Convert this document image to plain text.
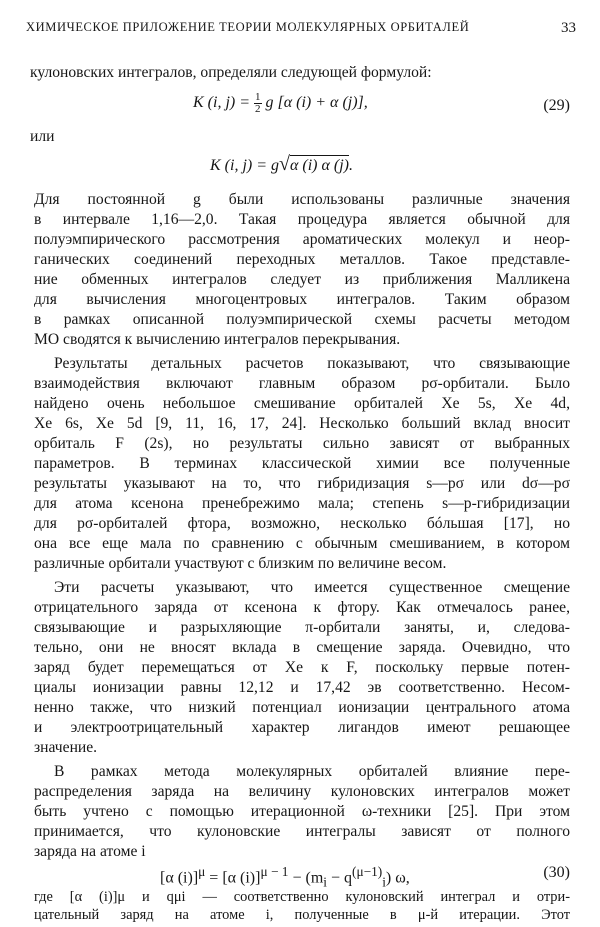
ХИМИЧЕСКОЕ ПРИЛОЖЕНИЕ ТЕОРИИ МОЛЕКУЛЯРНЫХ ОРБИТАЛЕЙ	33
кулоновских интегралов, определяли следующей формулой:
K (i, $j) = \frac{1}{2}$ g [α (i) + α (j)],	(29)
или
K (i, j) = g√α (i) α (j).
Для постоянной g были использованы различные значения
в интервале 1,16—2,0. Такая процедура является обычной для
полуэмпирического рассмотрения ароматических молекул и неор-
ганических соединений переходных металлов. Такое представле-
ние обменных интегралов следует из приближения Малликена
для вычисления многоцентровых интегралов. Таким образом
в рамках описанной полуэмпирической схемы расчеты методом
МО сводятся к вычислению интегралов перекрывания.
Результаты детальных расчетов показывают, что связывающие
взаимодействия включают главным образом pσ-орбитали. Было
найдено очень небольшое смешивание орбиталей Xe 5s, Xe 4d,
Xe 6s, Xe 5d [9, 11, 16, 17, 24]. Несколько больший вклад вносит
орбиталь F (2s), но результаты сильно зависят от выбранных
параметров. В терминах классической химии все полученные
результаты указывают на то, что гибридизация s—pσ или dσ—pσ
для атома ксенона пренебрежимо мала; степень s—p-гибридизации
для pσ-орбиталей фтора, возможно, несколько бóльшая [17], но
она все еще мала по сравнению с обычным смешиванием, в котором
различные орбитали участвуют с близким по величине весом.
Эти расчеты указывают, что имеется существенное смещение
отрицательного заряда от ксенона к фтору. Как отмечалось ранее,
связывающие и разрыхляющие π-орбитали заняты, и, следова-
тельно, они не вносят вклада в смещение заряда. Очевидно, что
заряд будет перемещаться от Xe к F, поскольку первые потен-
циалы ионизации равны 12,12 и 17,42 эв соответственно. Несом-
ненно также, что низкий потенциал ионизации центрального атома
и электроотрицательный характер лигандов имеют решающее
значение.
В рамках метода молекулярных орбиталей влияние пере-
распределения заряда на величину кулоновских интегралов может
быть учтено с помощью итерационной ω-техники [25]. При этом
принимается, что кулоновские интегралы зависят от полного
заряда на атоме i
[α (i)]$^\mu$ = [α $(i)]^{\mu - 1} - (m_i - q^{(\mu-1)}_i)$ ω,	(30)
где [α (i)]μ и qμi — соответственно кулоновский интеграл и отри-
цательный заряд на атоме i, полученные в μ-й итерации. Этот
